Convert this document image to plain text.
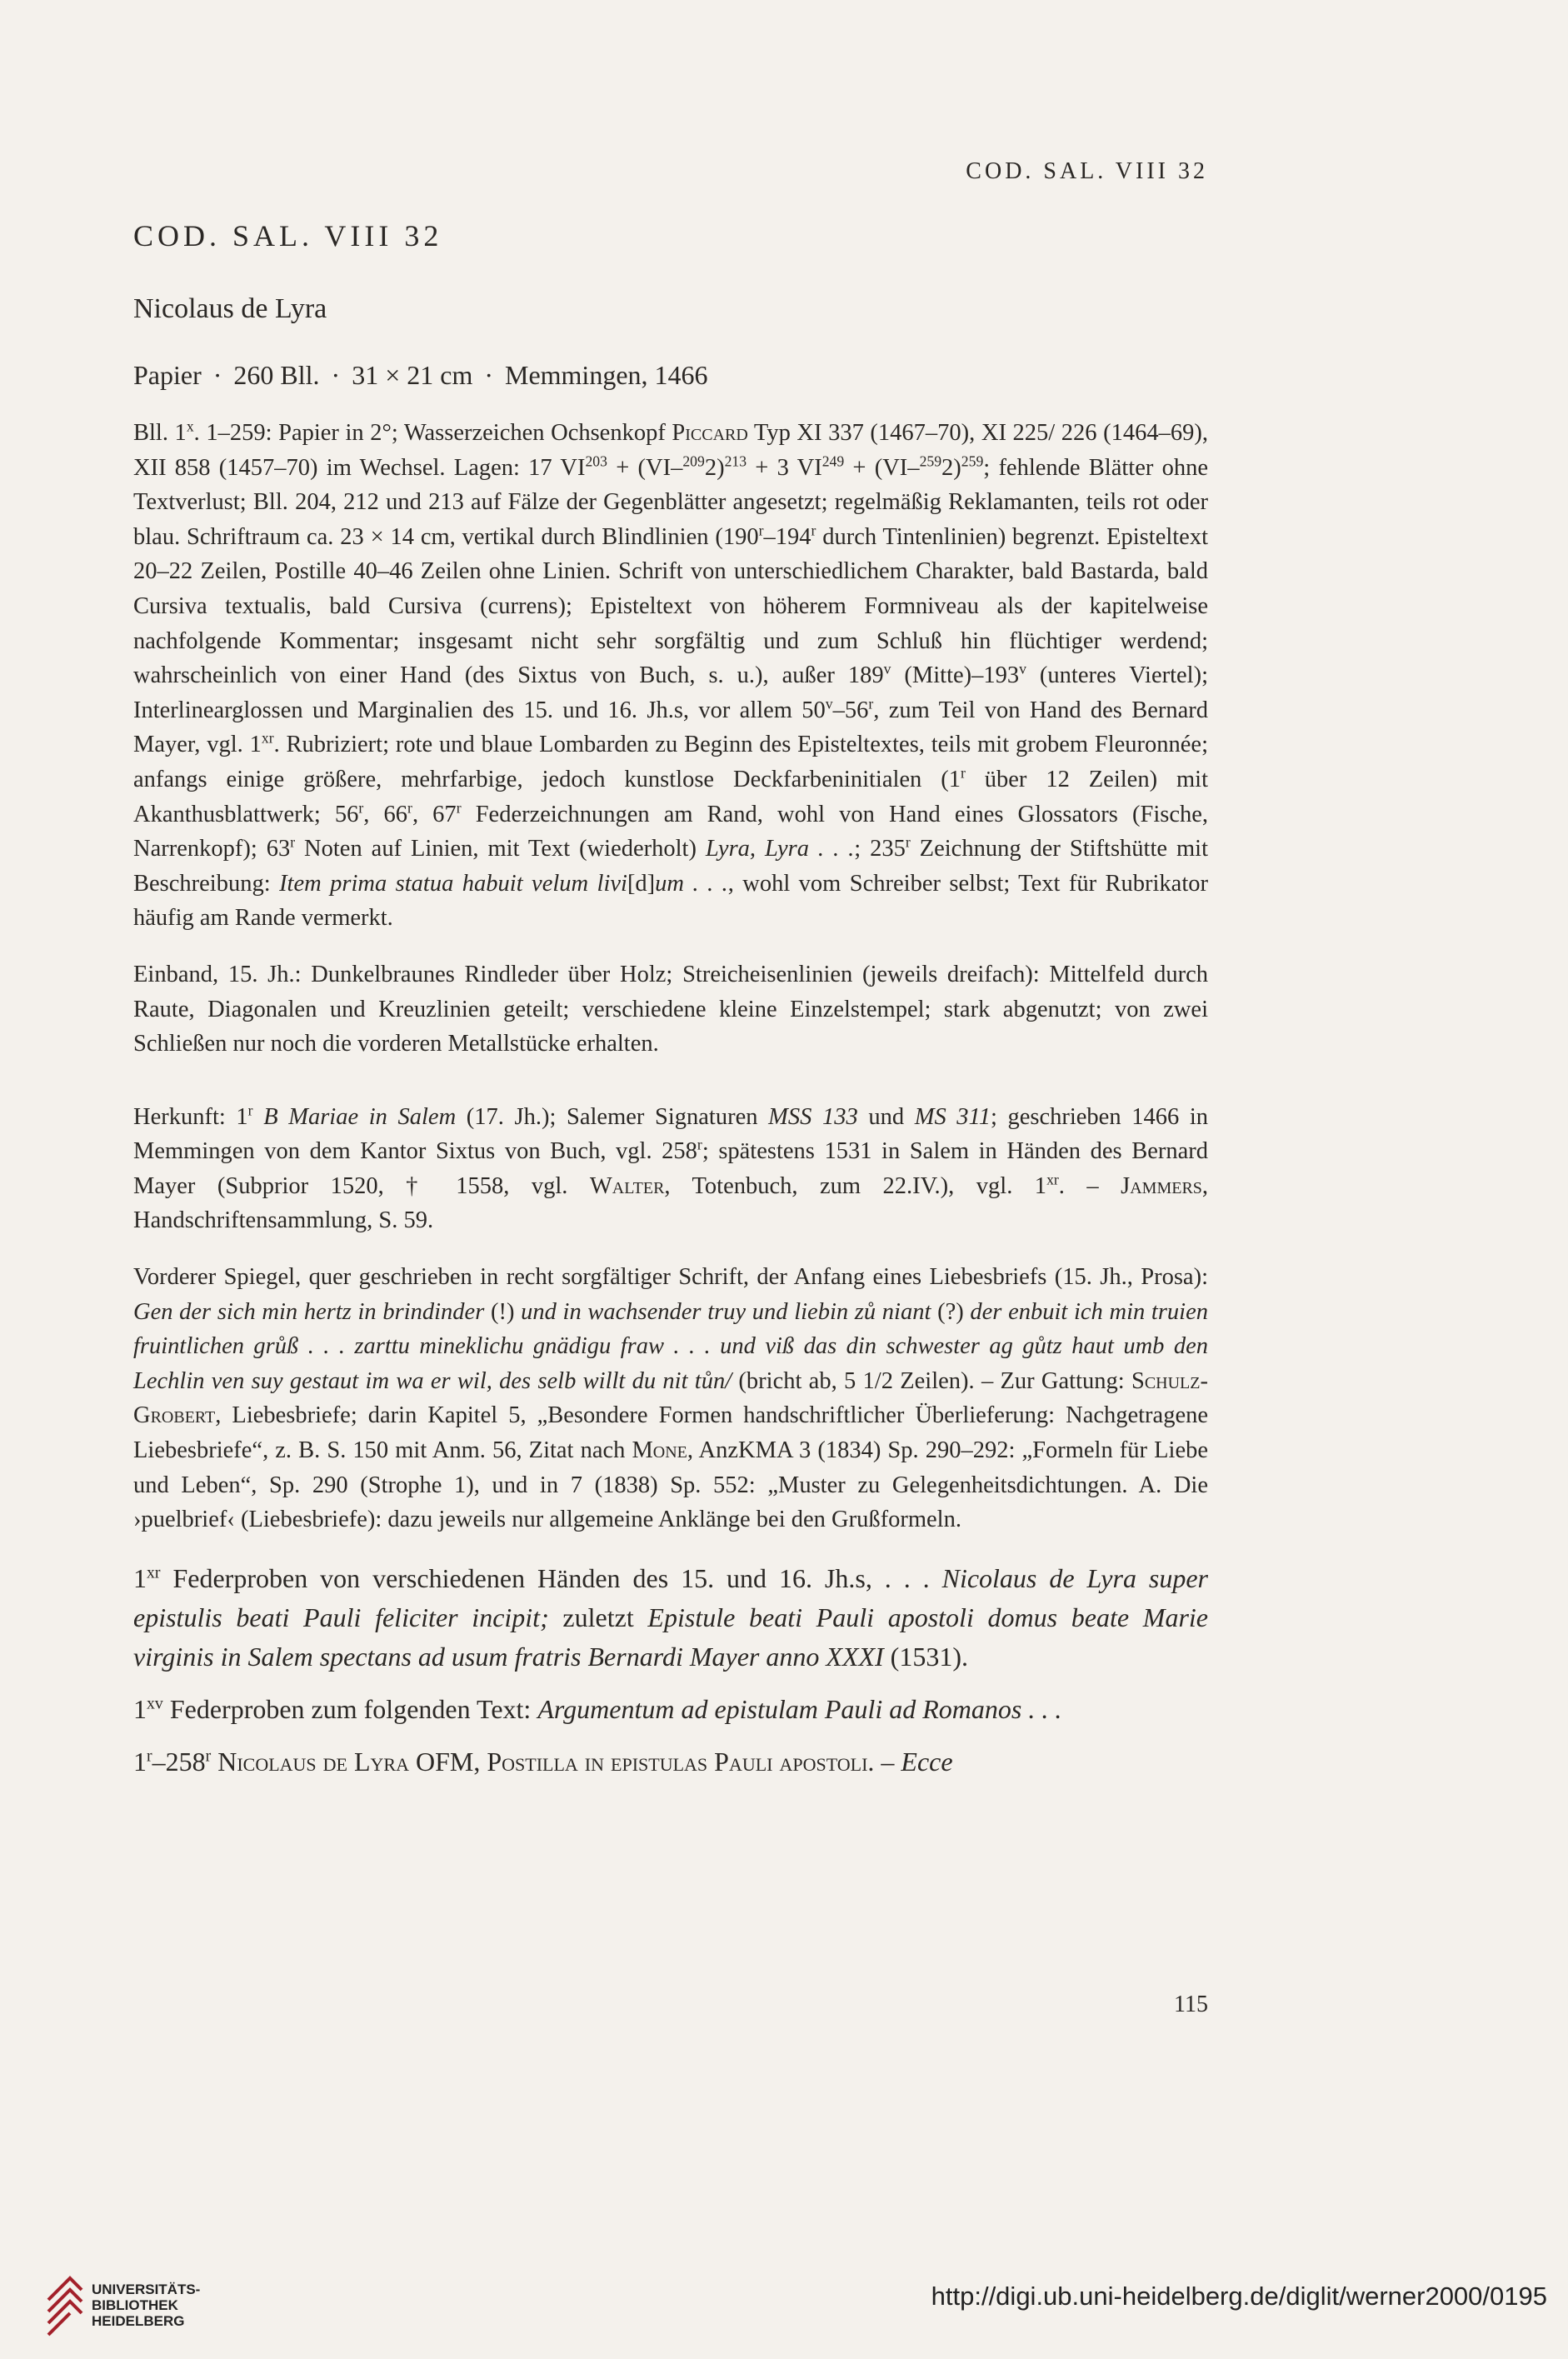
COD. SAL. VIII 32
COD. SAL. VIII 32
Nicolaus de Lyra
Papier · 260 Bll. · 31 × 21 cm · Memmingen, 1466

Bll. 1$^x$. 1–259: Papier in 2°; Wasserzeichen Ochsenkopf Piccard Typ XI 337 (1467–70), XI 225/ 226 (1464–69), XII 858 (1457–70) im Wechsel. Lagen: 17 $VI^{203} + (VI-^{209}2)^{213} + 3$ $VI^{249} + (VI-^{259}2)^{259}$; fehlende Blätter ohne Textverlust; Bll. 204, 212 und 213 auf Fälze der Gegenblätter angesetzt; regelmäßig Reklamanten, teils rot oder blau. Schriftraum ca. 23 × 14 cm, vertikal durch Blindlinien (190$^r$–194$^r$ durch Tintenlinien) begrenzt. Episteltext 20–22 Zeilen, Postille 40–46 Zeilen ohne Linien. Schrift von unterschiedlichem Charakter, bald Bastarda, bald Cursiva textualis, bald Cursiva (currens); Episteltext von höherem Formniveau als der kapitelweise nachfolgende Kommentar; insgesamt nicht sehr sorgfältig und zum Schluß hin flüchtiger werdend; wahrscheinlich von einer Hand (des Sixtus von Buch, s. u.), außer 189$^v$ (Mitte)–193$^v$ (unteres Viertel); Interlinearglossen und Marginalien des 15. und 16. Jh.s, vor allem 50$^v$–56$^r$, zum Teil von Hand des Bernard Mayer, vgl. $1^{xr}$. Rubriziert; rote und blaue Lombarden zu Beginn des Episteltextes, teils mit grobem Fleuronnée; anfangs einige größere, mehrfarbige, jedoch kunstlose Deckfarbeninitialen (1$^r$ über 12 Zeilen) mit Akanthusblattwerk; 56$^r$, 66$^r$, 67$^r$ Federzeichnungen am Rand, wohl von Hand eines Glossators (Fische, Narrenkopf); 63$^r$ Noten auf Linien, mit Text (wiederholt) Lyra, Lyra . . .; 235$^r$ Zeichnung der Stiftshütte mit Beschreibung: Item prima statua habuit velum livi[d]um . . ., wohl vom Schreiber selbst; Text für Rubrikator häufig am Rande vermerkt.

Einband, 15. Jh.: Dunkelbraunes Rindleder über Holz; Streicheisenlinien (jeweils dreifach): Mittelfeld durch Raute, Diagonalen und Kreuzlinien geteilt; verschiedene kleine Einzelstempel; stark abgenutzt; von zwei Schließen nur noch die vorderen Metallstücke erhalten.

Herkunft: 1$^r$ B Mariae in Salem (17. Jh.); Salemer Signaturen MSS 133 und MS 311; geschrieben 1466 in Memmingen von dem Kantor Sixtus von Buch, vgl. 258$^r$; spätestens 1531 in Salem in Händen des Bernard Mayer (Subprior 1520, † 1558, vgl. Walter, Totenbuch, zum 22.IV.), vgl. $1^{xr}$. – Jammers, Handschriftensammlung, S. 59.

Vorderer Spiegel, quer geschrieben in recht sorgfältiger Schrift, der Anfang eines Liebesbriefs (15. Jh., Prosa): Gen der sich min hertz in brindinder (!) und in wachsender truy und liebin zů niant (?) der enbuit ich min truien fruintlichen grůß . . . zarttu mineklichu gnädigu fraw . . . und viß das din schwester ag gůtz haut umb den Lechlin ven suy gestaut im wa er wil, des selb willt du nit tůn/ (bricht ab, 5 1/2 Zeilen). – Zur Gattung: Schulz-Grobert, Liebesbriefe; darin Kapitel 5, „Besondere Formen handschriftlicher Überlieferung: Nachgetragene Liebesbriefe“, z. B. S. 150 mit Anm. 56, Zitat nach Mone, AnzKMA 3 (1834) Sp. 290–292: „Formeln für Liebe und Leben“, Sp. 290 (Strophe 1), und in 7 (1838) Sp. 552: „Muster zu Gelegenheitsdichtungen. A. Die ›puelbrief‹ (Liebesbriefe): dazu jeweils nur allgemeine Anklänge bei den Grußformeln.

$1^{xr}$ Federproben von verschiedenen Händen des 15. und 16. Jh.s, . . . Nicolaus de Lyra super epistulis beati Pauli feliciter incipit; zuletzt Epistule beati Pauli apostoli domus beate Marie virginis in Salem spectans ad usum fratris Bernardi Mayer anno XXXI (1531).

1$^{xv}$ Federproben zum folgenden Text: Argumentum ad epistulam Pauli ad Romanos . . .

1$^r$–258$^r$ Nicolaus de Lyra OFM, Postilla in epistulas Pauli apostoli. – Ecce

115
UNIVERSITÄTS-
BIBLIOTHEK
HEIDELBERG
http://digi.ub.uni-heidelberg.de/diglit/werner2000/0195
